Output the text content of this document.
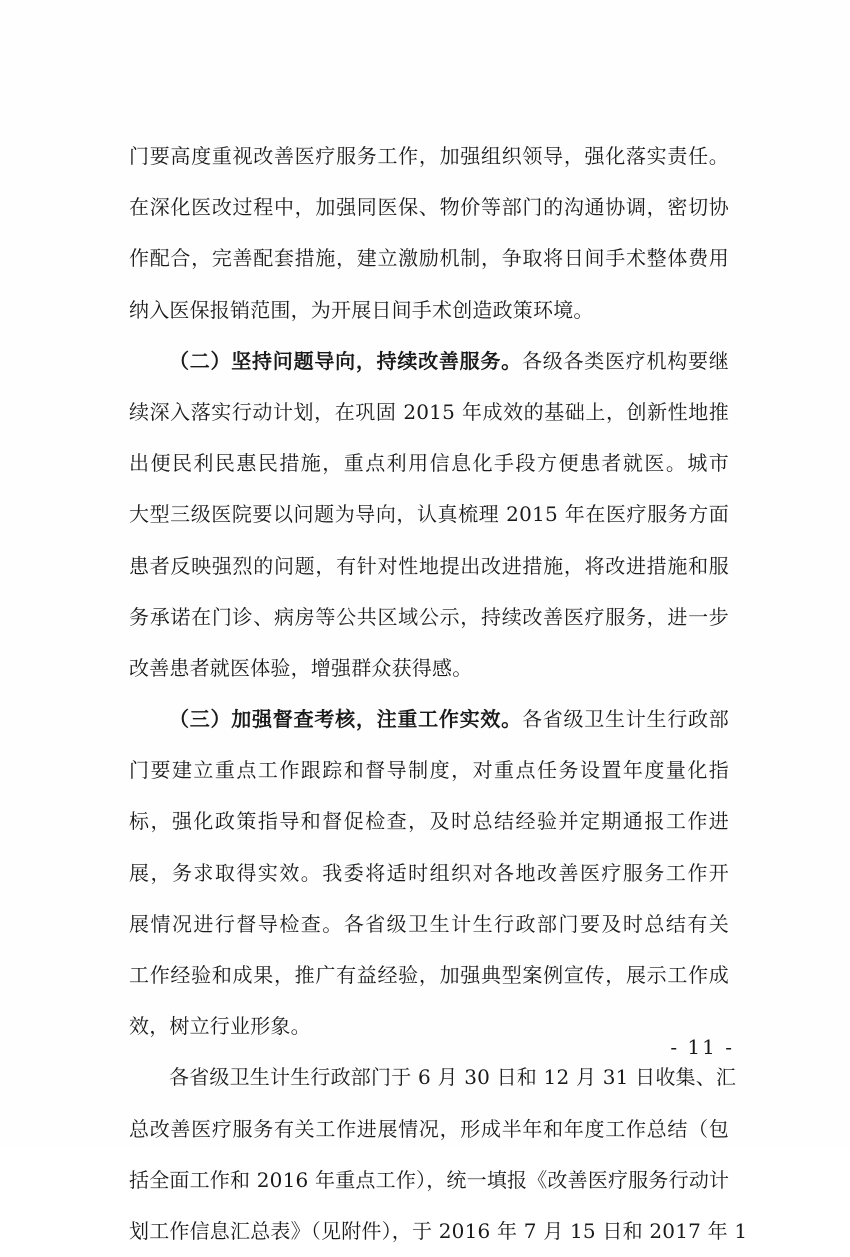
门要高度重视改善医疗服务工作，加强组织领导，强化落实责任。
在深化医改过程中，加强同医保、物价等部门的沟通协调，密切协
作配合，完善配套措施，建立激励机制，争取将日间手术整体费用
纳入医保报销范围，为开展日间手术创造政策环境。
（二）坚持问题导向，持续改善服务。各级各类医疗机构要继
续深入落实行动计划，在巩固 2015 年成效的基础上，创新性地推
出便民利民惠民措施，重点利用信息化手段方便患者就医。城市
大型三级医院要以问题为导向，认真梳理 2015 年在医疗服务方面
患者反映强烈的问题，有针对性地提出改进措施，将改进措施和服
务承诺在门诊、病房等公共区域公示，持续改善医疗服务，进一步
改善患者就医体验，增强群众获得感。
（三）加强督查考核，注重工作实效。各省级卫生计生行政部
门要建立重点工作跟踪和督导制度，对重点任务设置年度量化指
标，强化政策指导和督促检查，及时总结经验并定期通报工作进
展，务求取得实效。我委将适时组织对各地改善医疗服务工作开
展情况进行督导检查。各省级卫生计生行政部门要及时总结有关
工作经验和成果，推广有益经验，加强典型案例宣传，展示工作成
效，树立行业形象。
各省级卫生计生行政部门于 6 月 30 日和 12 月 31 日收集、汇
总改善医疗服务有关工作进展情况，形成半年和年度工作总结（包
括全面工作和 2016 年重点工作），统一填报《改善医疗服务行动计
划工作信息汇总表》（见附件），于 2016 年 7 月 15 日和 2017 年 1
- 11 -
